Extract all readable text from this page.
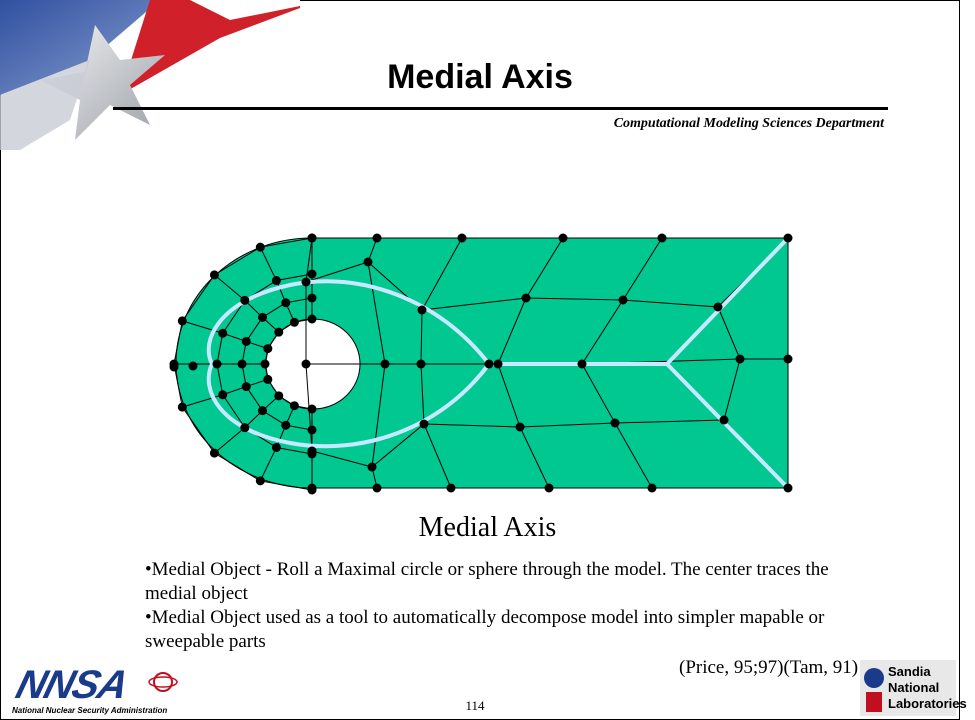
Medial Axis
Computational Modeling Sciences Department
Medial Axis
•Medial Object - Roll a Maximal circle or sphere through the model. The center traces the medial object
•Medial Object used as a tool to automatically decompose model into simpler mapable or sweepable parts
(Price, 95;97)(Tam, 91)
NNSA
National Nuclear Security Administration	114
Sandia National Laboratories
